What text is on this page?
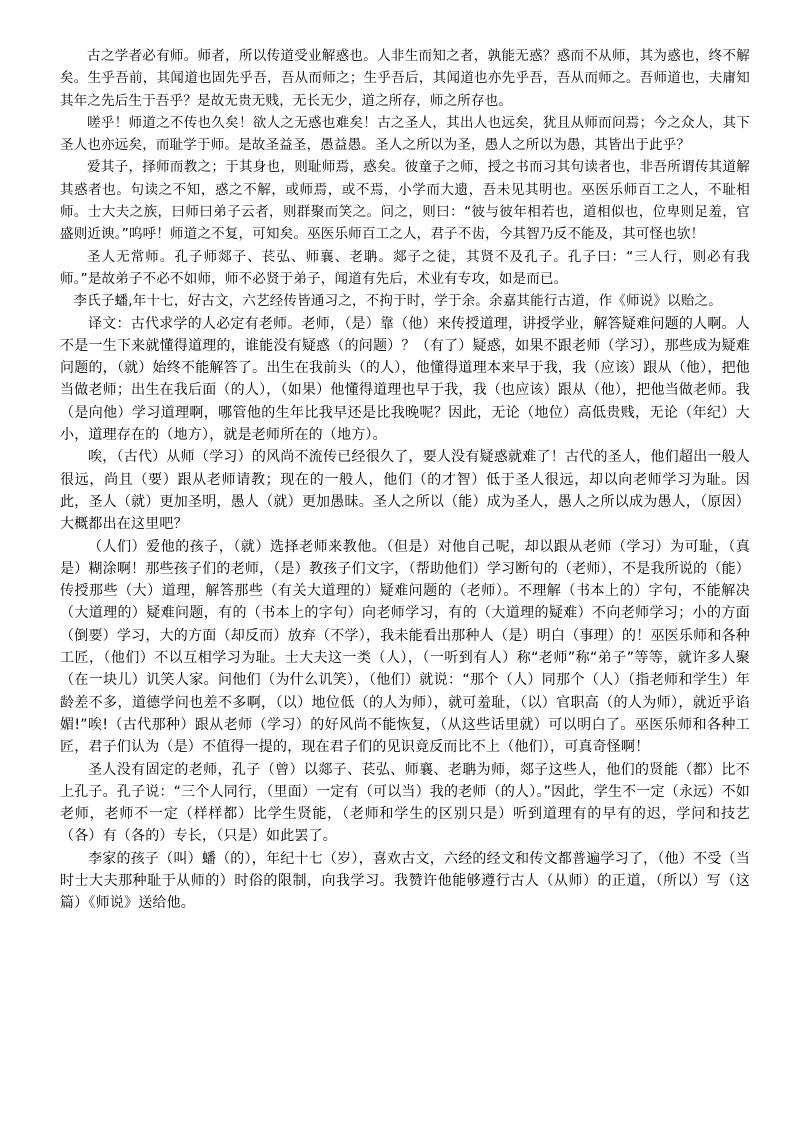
古之学者必有师。师者，所以传道受业解惑也。人非生而知之者，孰能无惑？惑而不从师，其为惑也，终不解矣。生乎吾前，其闻道也固先乎吾，吾从而师之；生乎吾后，其闻道也亦先乎吾，吾从而师之。吾师道也，夫庸知其年之先后生于吾乎？是故无贵无贱，无长无少，道之所存，师之所存也。

嗟乎！师道之不传也久矣！欲人之无惑也难矣！古之圣人，其出人也远矣，犹且从师而问焉；今之众人，其下圣人也亦远矣，而耻学于师。是故圣益圣，愚益愚。圣人之所以为圣，愚人之所以为愚，其皆出于此乎？

爱其子，择师而教之；于其身也，则耻师焉，惑矣。彼童子之师，授之书而习其句读者也，非吾所谓传其道解其惑者也。句读之不知，惑之不解，或师焉，或不焉，小学而大遗，吾未见其明也。巫医乐师百工之人，不耻相师。士大夫之族，曰师曰弟子云者，则群聚而笑之。问之，则曰：“彼与彼年相若也，道相似也，位卑则足羞，官盛则近谀。”呜呼！师道之不复，可知矣。巫医乐师百工之人，君子不齿，今其智乃反不能及，其可怪也欤！

圣人无常师。孔子师郯子、苌弘、师襄、老聃。郯子之徒，其贤不及孔子。孔子曰：“三人行，则必有我师。”是故弟子不必不如师，师不必贤于弟子，闻道有先后，术业有专攻，如是而已。

李氏子蟠,年十七，好古文，六艺经传皆通习之，不拘于时，学于余。余嘉其能行古道，作《师说》以贻之。

译文：古代求学的人必定有老师。老师，（是）靠（他）来传授道理，讲授学业，解答疑难问题的人啊。人不是一生下来就懂得道理的，谁能没有疑惑（的问题）？（有了）疑惑，如果不跟老师（学习），那些成为疑难问题的，（就）始终不能解答了。出生在我前头（的人），他懂得道理本来早于我，我（应该）跟从（他），把他当做老师；出生在我后面（的人），（如果）他懂得道理也早于我，我（也应该）跟从（他），把他当做老师。我（是向他）学习道理啊，哪管他的生年比我早还是比我晚呢？因此，无论（地位）高低贵贱，无论（年纪）大小，道理存在的（地方），就是老师所在的（地方）。

唉，（古代）从师（学习）的风尚不流传已经很久了，要人没有疑惑就难了！古代的圣人，他们超出一般人很远，尚且（要）跟从老师请教；现在的一般人，他们（的才智）低于圣人很远，却以向老师学习为耻。因此，圣人（就）更加圣明，愚人（就）更加愚昧。圣人之所以（能）成为圣人，愚人之所以成为愚人，（原因）大概都出在这里吧？

（人们）爱他的孩子，（就）选择老师来教他。（但是）对他自己呢，却以跟从老师（学习）为可耻，（真是）糊涂啊！那些孩子们的老师，（是）教孩子们文字，（帮助他们）学习断句的（老师），不是我所说的（能）传授那些（大）道理，解答那些（有关大道理的）疑难问题的（老师）。不理解（书本上的）字句，不能解决（大道理的）疑难问题，有的（书本上的字句）向老师学习，有的（大道理的疑难）不向老师学习；小的方面（倒要）学习，大的方面（却反而）放弃（不学），我未能看出那种人（是）明白（事理）的！巫医乐师和各种工匠，（他们）不以互相学习为耻。士大夫这一类（人），（一听到有人）称“老师”称“弟子”等等，就许多人聚（在一块儿）讥笑人家。问他们（为什么讥笑），（他们）就说：“那个（人）同那个（人）（指老师和学生）年龄差不多，道德学问也差不多啊，（以）地位低（的人为师），就可羞耻，（以）官职高（的人为师），就近乎谄媚!”唉!（古代那种）跟从老师（学习）的好风尚不能恢复，（从这些话里就）可以明白了。巫医乐师和各种工匠，君子们认为（是）不值得一提的，现在君子们的见识竟反而比不上（他们），可真奇怪啊！

圣人没有固定的老师，孔子（曾）以郯子、苌弘、师襄、老聃为师，郯子这些人，他们的贤能（都）比不上孔子。孔子说：“三个人同行，（里面）一定有（可以当）我的老师（的人）。”因此，学生不一定（永远）不如老师，老师不一定（样样都）比学生贤能，（老师和学生的区别只是）听到道理有的早有的迟，学问和技艺（各）有（各的）专长，（只是）如此罢了。

李家的孩子（叫）蟠（的），年纪十七（岁），喜欢古文，六经的经文和传文都普遍学习了，（他）不受（当时士大夫那种耻于从师的）时俗的限制，向我学习。我赞许他能够遵行古人（从师）的正道，（所以）写（这篇）《师说》送给他。
